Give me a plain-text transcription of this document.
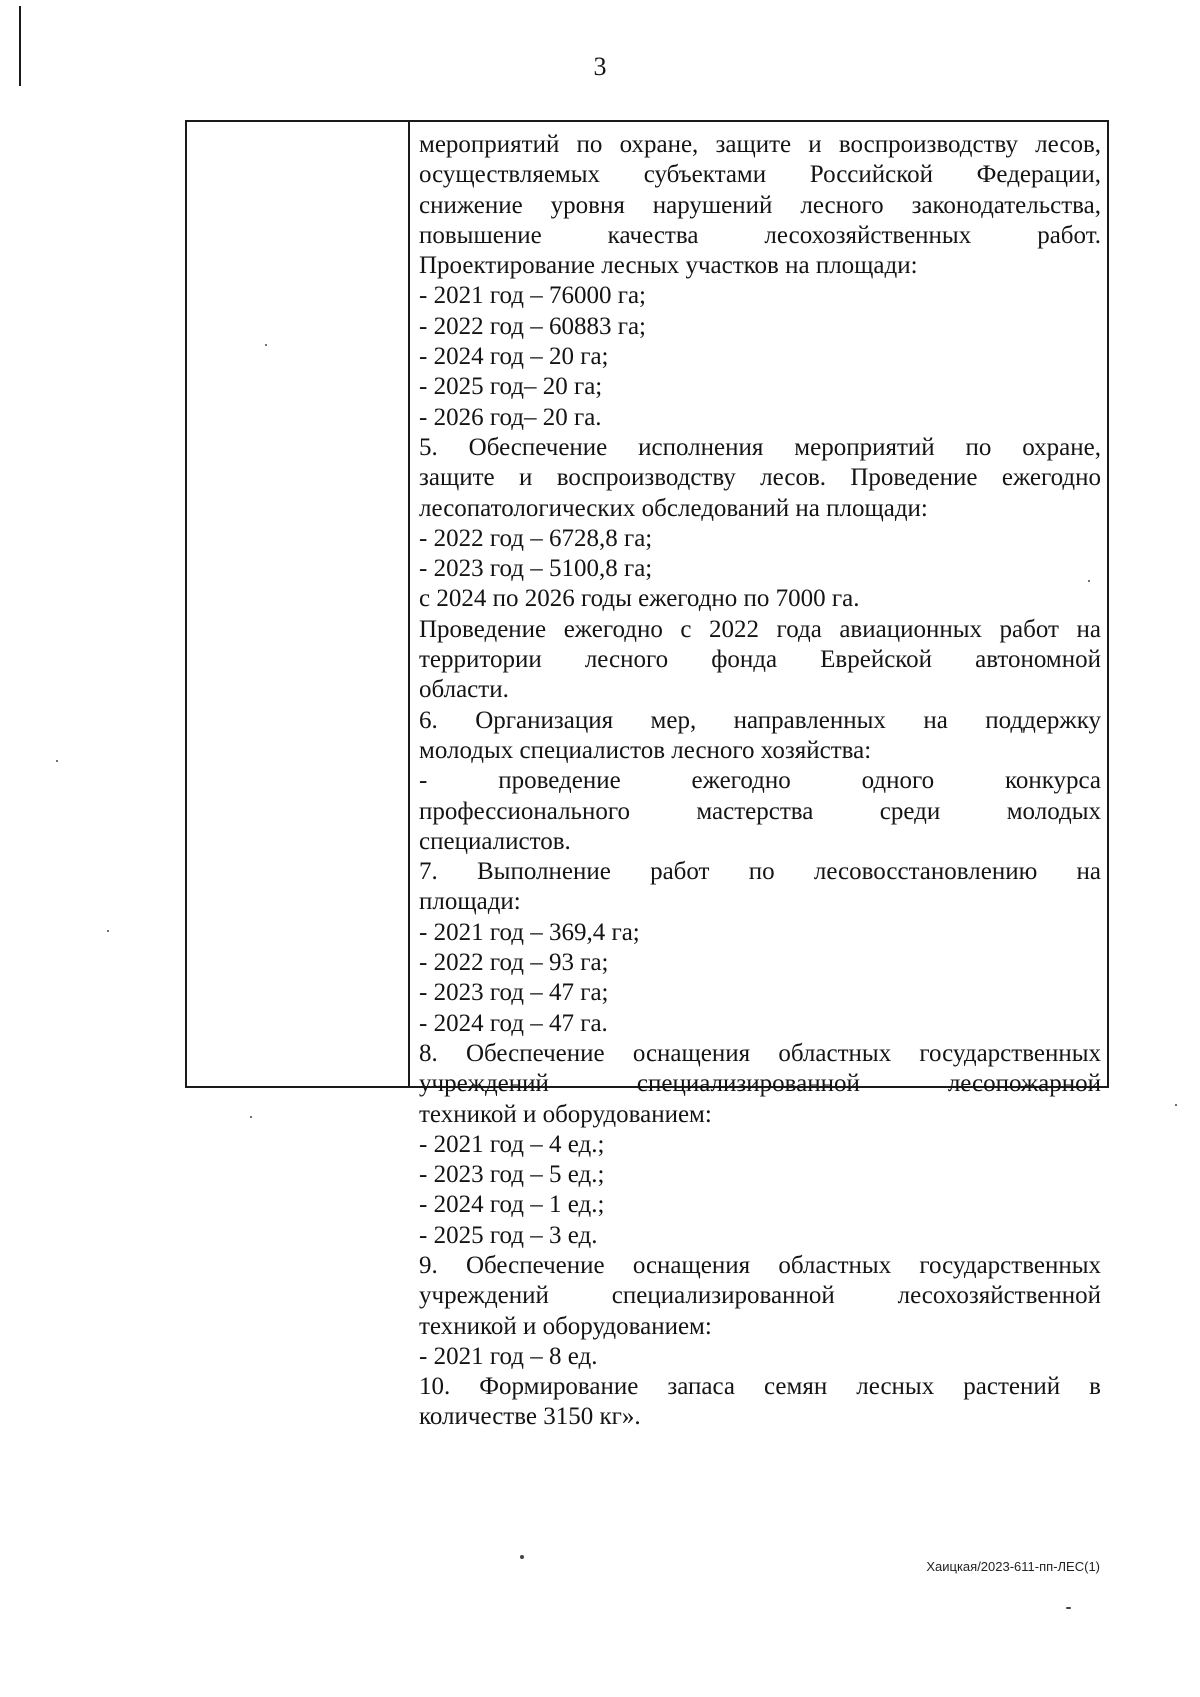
3
мероприятий по охране, защите и воспроизводству лесов,
осуществляемых субъектами Российской Федерации,
снижение уровня нарушений лесного законодательства,
повышение качества лесохозяйственных работ.
Проектирование лесных участков на площади:
- 2021 год – 76000 га;
- 2022 год – 60883 га;
- 2024 год – 20 га;
- 2025 год– 20 га;
- 2026 год– 20 га.
5. Обеспечение исполнения мероприятий по охране,
защите и воспроизводству лесов. Проведение ежегодно
лесопатологических обследований на площади:
- 2022 год – 6728,8 га;
- 2023 год – 5100,8 га;
с 2024 по 2026 годы ежегодно по 7000 га.
Проведение ежегодно с 2022 года авиационных работ на
территории лесного фонда Еврейской автономной
области.
6. Организация мер, направленных на поддержку
молодых специалистов лесного хозяйства:
- проведение ежегодно одного конкурса
профессионального мастерства среди молодых
специалистов.
7. Выполнение работ по лесовосстановлению на
площади:
- 2021 год – 369,4 га;
- 2022 год – 93 га;
- 2023 год – 47 га;
- 2024 год – 47 га.
8. Обеспечение оснащения областных государственных
учреждений специализированной лесопожарной
техникой и оборудованием:
- 2021 год – 4 ед.;
- 2023 год – 5 ед.;
- 2024 год – 1 ед.;
- 2025 год – 3 ед.
9. Обеспечение оснащения областных государственных
учреждений специализированной лесохозяйственной
техникой и оборудованием:
- 2021 год – 8 ед.
10. Формирование запаса семян лесных растений в
количестве 3150 кг».
Хаицкая/2023-611-пп-ЛЕС(1)
